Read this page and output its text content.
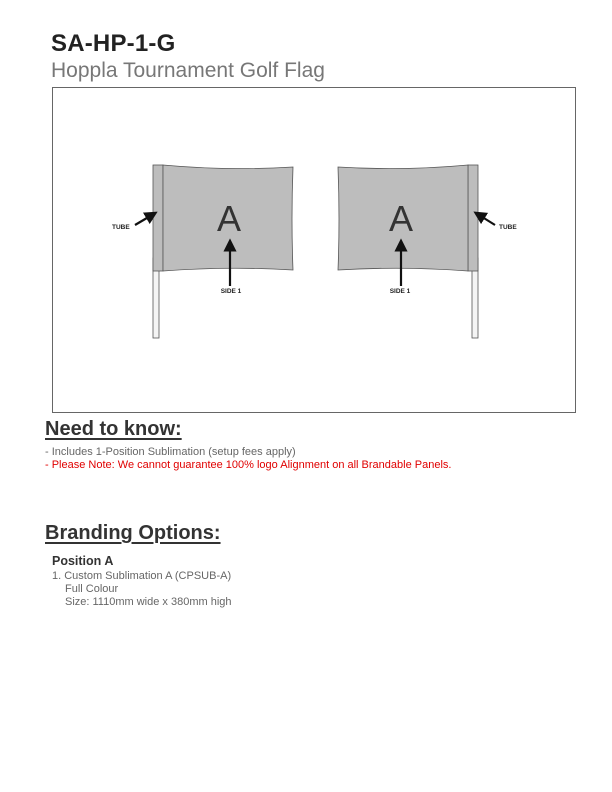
SA-HP-1-G
Hoppla Tournament Golf Flag
A
TUBE
SIDE 1
A	TUBE
SIDE 1
Need to know:
- Includes 1-Position Sublimation (setup fees apply)
- Please Note: We cannot guarantee 100% logo Alignment on all Brandable Panels.
Branding Options:
Position A
1. Custom Sublimation A (CPSUB-A)
Full Colour
Size: 1110mm wide x 380mm high
